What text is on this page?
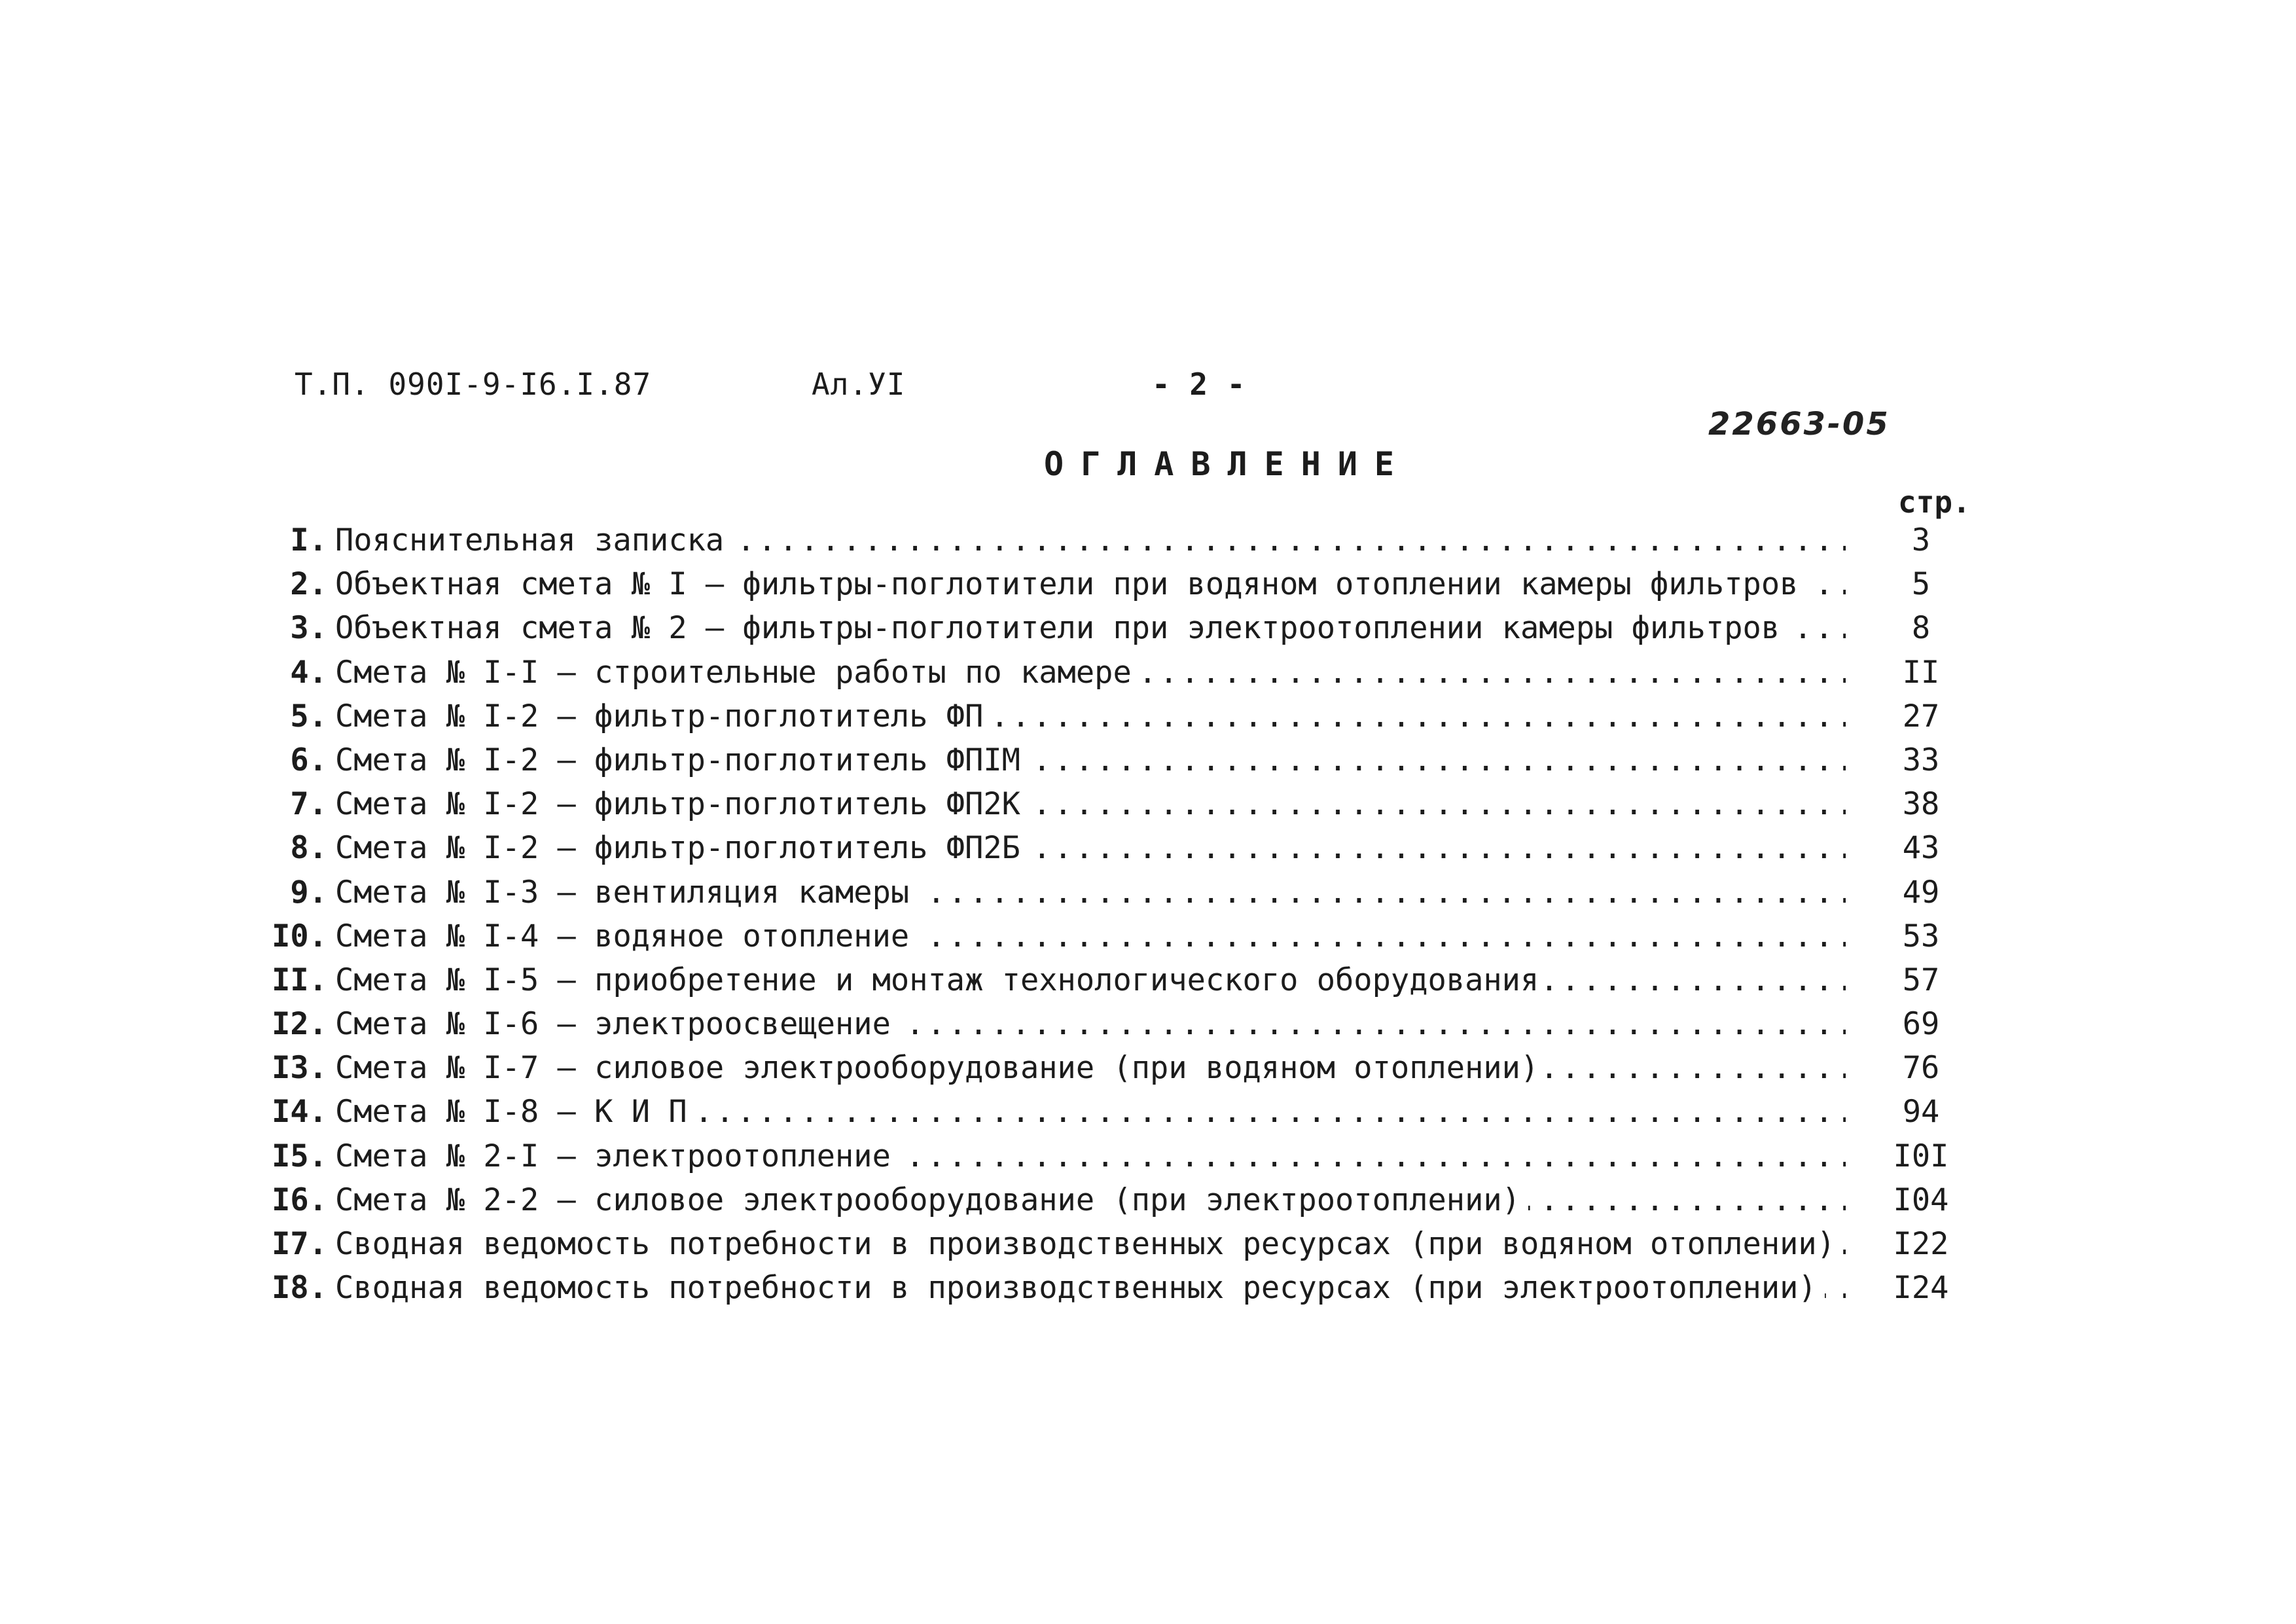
Т.П. 090I-9-I6.I.87	Ал.УI	- 2 -
22663-05
ОГЛАВЛЕНИЕ
стр.
I. Пояснительная записка .....	3
2. Объектная смета № I – фильтры-поглотители при водяном отоплении камеры фильтров .....	5
3. Объектная смета № 2 – фильтры-поглотители при электроотоплении камеры фильтров .....	8
4. Смета № I-I – строительные работы по камере .....	II
5. Смета № I-2 – фильтр-поглотитель ФП .....	27
6. Смета № I-2 – фильтр-поглотитель ФПIМ .....	33
7. Смета № I-2 – фильтр-поглотитель ФП2К .....	38
8. Смета № I-2 – фильтр-поглотитель ФП2Б .....	43
9. Смета № I-3 – вентиляция камеры .....	49
I0. Смета № I-4 – водяное отопление .....	53
II. Смета № I-5 – приобретение и монтаж технологического оборудования .....	57
I2. Смета № I-6 – электроосвещение .....	69
I3. Смета № I-7 – силовое электрооборудование (при водяном отоплении) .....	76
I4. Смета № I-8 – К И П .....	94
I5. Смета № 2-I – электроотопление .....	I0I
I6. Смета № 2-2 – силовое электрооборудование (при электроотоплении) .....	I04
I7. Сводная ведомость потребности в производственных ресурсах (при водяном отоплении) .....	I22
I8. Сводная ведомость потребности в производственных ресурсах (при электроотоплении) .....	I24
